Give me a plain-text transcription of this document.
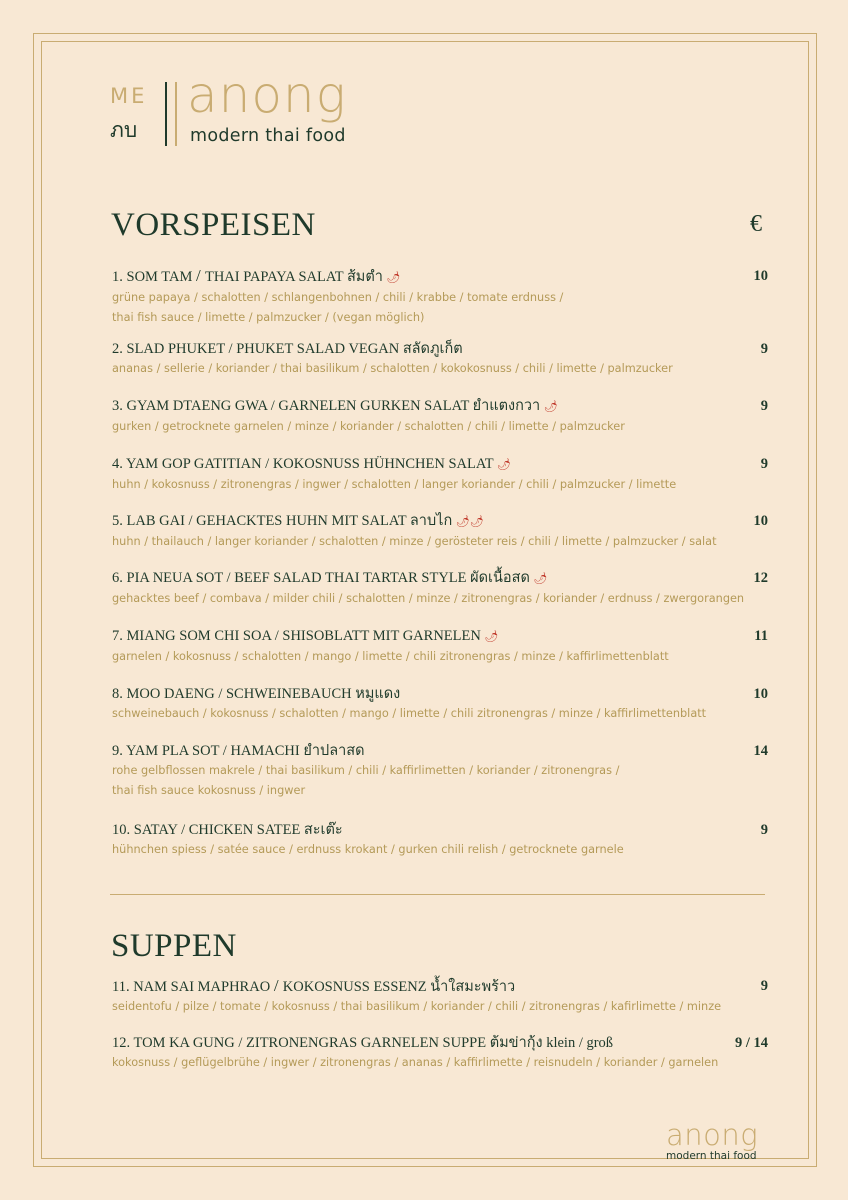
ME
ภบ
anong
modern thai food
VORSPEISEN	€
1. SOM TAM / THAI PAPAYA SALAT ส้มตำ 🌶
grüne papaya / schalotten / schlangenbohnen / chili / krabbe / tomate erdnuss /
thai fish sauce / limette / palmzucker / (vegan möglich)
10
2. SLAD PHUKET / PHUKET SALAD VEGAN สลัดภูเก็ต
ananas / sellerie / koriander / thai basilikum / schalotten / kokokosnuss / chili / limette / palmzucker
9
3. GYAM DTAENG GWA / GARNELEN GURKEN SALAT ยำแตงกวา 🌶
gurken / getrocknete garnelen / minze / koriander / schalotten / chili / limette / palmzucker
9
4. YAM GOP GATITIAN / KOKOSNUSS HÜHNCHEN SALAT 🌶
huhn / kokosnuss / zitronengras / ingwer / schalotten / langer koriander / chili / palmzucker / limette
9
5. LAB GAI / GEHACKTES HUHN MIT SALAT ลาบไก 🌶🌶
huhn / thailauch / langer koriander / schalotten / minze / gerösteter reis / chili / limette / palmzucker / salat
10
6. PIA NEUA SOT / BEEF SALAD THAI TARTAR STYLE ผัดเนื้อสด 🌶
gehacktes beef / combava / milder chili / schalotten / minze / zitronengras / koriander / erdnuss / zwergorangen
12
7. MIANG SOM CHI SOA / SHISOBLATT MIT GARNELEN 🌶
garnelen / kokosnuss / schalotten / mango / limette / chili zitronengras / minze / kaffirlimettenblatt
11
8. MOO DAENG / SCHWEINEBAUCH หมูแดง
schweinebauch / kokosnuss / schalotten / mango / limette / chili zitronengras / minze / kaffirlimettenblatt
10
9. YAM PLA SOT / HAMACHI ยำปลาสด
rohe gelbflossen makrele / thai basilikum / chili / kaffirlimetten / koriander / zitronengras /
thai fish sauce kokosnuss / ingwer
14
10. SATAY / CHICKEN SATEE สะเต๊ะ
hühnchen spiess / satée sauce / erdnuss krokant / gurken chili relish / getrocknete garnele
9
SUPPEN
11. NAM SAI MAPHRAO / KOKOSNUSS ESSENZ น้ำใสมะพร้าว
seidentofu / pilze / tomate / kokosnuss / thai basilikum / koriander / chili / zitronengras / kafirlimette / minze
9
12. TOM KA GUNG / ZITRONENGRAS GARNELEN SUPPE ต้มข่ากุ้ง klein / groß
kokosnuss / geflügelbrühe / ingwer / zitronengras / ananas / kaffirlimette / reisnudeln / koriander / garnelen
9 / 14
anong
modern thai food
